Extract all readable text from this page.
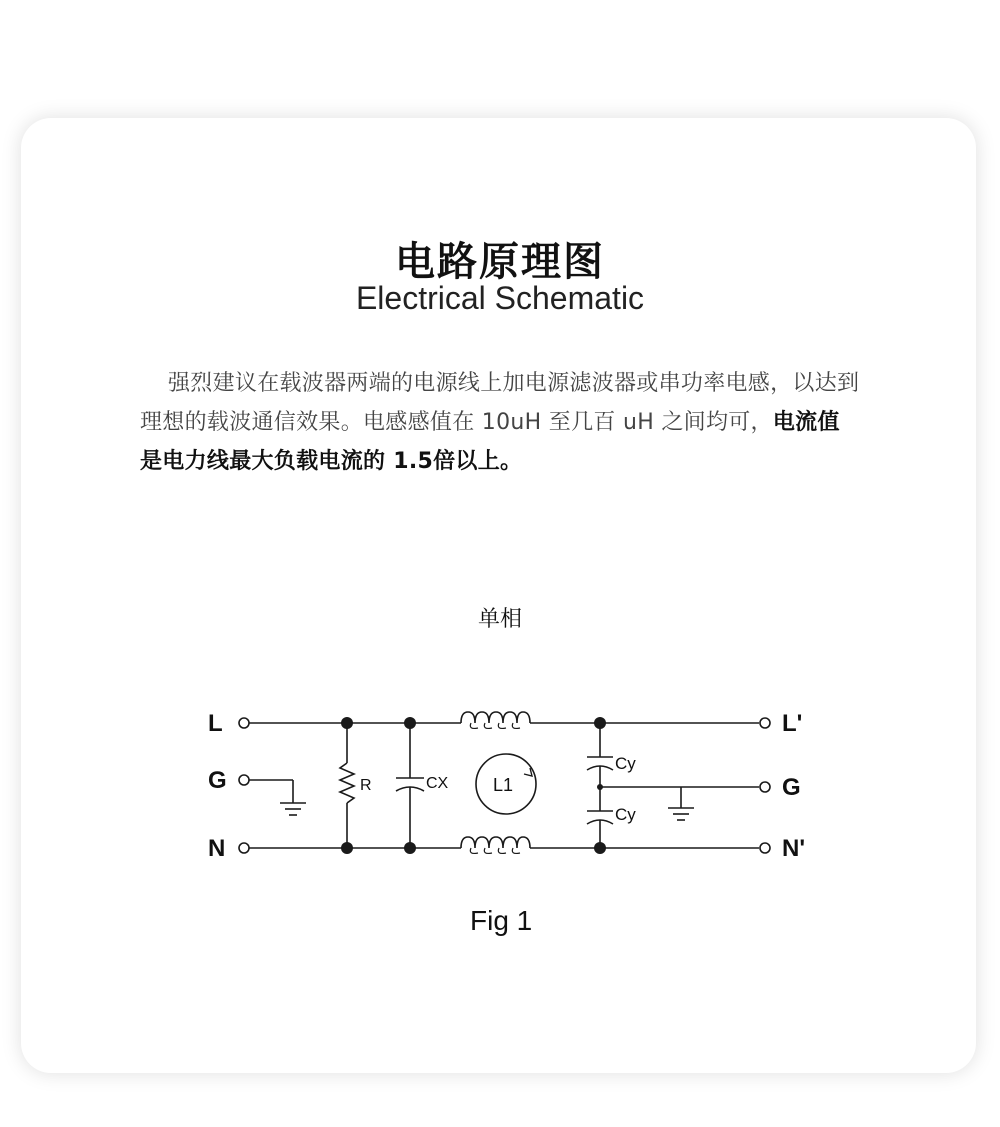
电路原理图
Electrical Schematic
强烈建议在载波器两端的电源线上加电源滤波器或串功率电感，以达到理想的载波通信效果。电感感值在 10uH 至几百 uH 之间均可，电流值是电力线最大负载电流的 1.5倍以上。
单相
L
G
N
L'
G
N'
R	CX L1
Cy
Cy
Fig 1
